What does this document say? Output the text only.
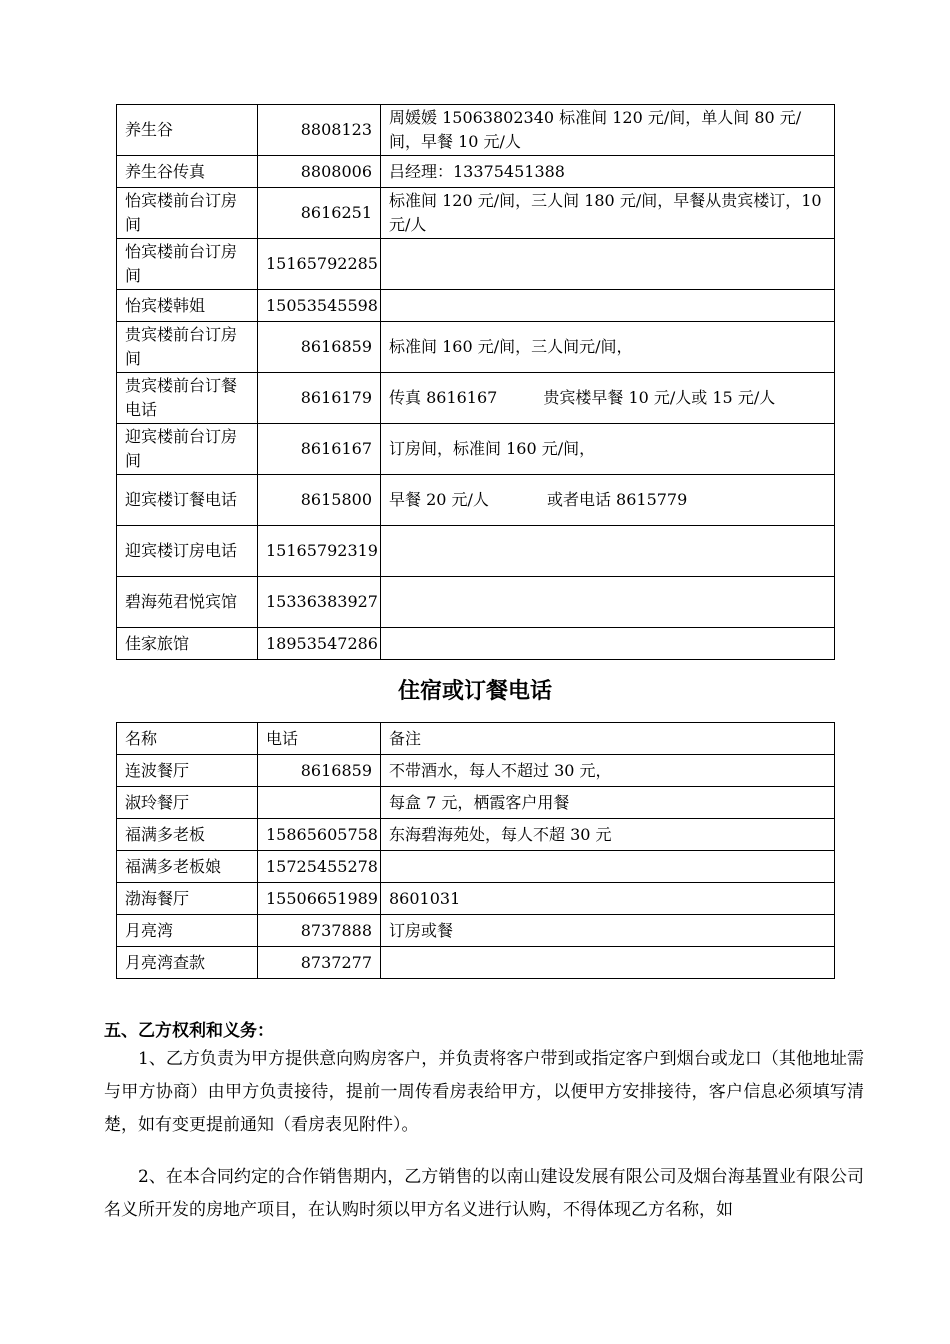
养生谷	8808123	周媛媛 15063802340 标准间 120 元/间，单人间 80 元/间，早餐 10 元/人
养生谷传真	8808006	吕经理：13375451388
怡宾楼前台订房间	8616251	标准间 120 元/间，三人间 180 元/间，早餐从贵宾楼订，10 元/人
怡宾楼前台订房间	15165792285	
怡宾楼韩姐	15053545598	
贵宾楼前台订房间	8616859	标准间 160 元/间，三人间元/间，
贵宾楼前台订餐电话	8616179	传真 8616167 贵宾楼早餐 10 元/人或 15 元/人
迎宾楼前台订房间	8616167	订房间，标准间 160 元/间，
迎宾楼订餐电话	8615800	早餐 20 元/人 或者电话 8615779
迎宾楼订房电话	15165792319	
碧海苑君悦宾馆	15336383927	
佳家旅馆	18953547286	
住宿或订餐电话
名称	电话	备注
连波餐厅	8616859	不带酒水，每人不超过 30 元，
淑玲餐厅		每盒 7 元，栖霞客户用餐
福满多老板	15865605758	东海碧海苑处，每人不超 30 元
福满多老板娘	15725455278	
渤海餐厅	15506651989	8601031
月亮湾	8737888	订房或餐
月亮湾查款	8737277	
五、乙方权利和义务：
1、乙方负责为甲方提供意向购房客户，并负责将客户带到或指定客户到烟台或龙口（其他地址需与甲方协商）由甲方负责接待，提前一周传看房表给甲方，以便甲方安排接待，客户信息必须填写清楚，如有变更提前通知（看房表见附件）。
2、在本合同约定的合作销售期内，乙方销售的以南山建设发展有限公司及烟台海基置业有限公司名义所开发的房地产项目，在认购时须以甲方名义进行认购，不得体现乙方名称，如
